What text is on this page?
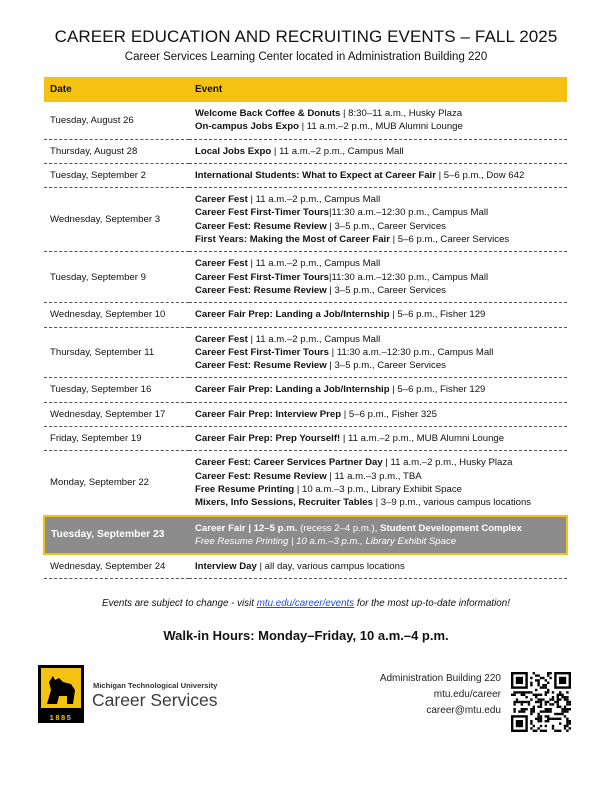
CAREER EDUCATION AND RECRUITING EVENTS – FALL 2025
Career Services Learning Center located in Administration Building 220
Date	Event
Tuesday, August 26	Welcome Back Coffee & Donuts | 8:30–11 a.m., Husky Plaza
On-campus Jobs Expo | 11 a.m.–2 p.m., MUB Alumni Lounge

Thursday, August 28	Local Jobs Expo | 11 a.m.–2 p.m., Campus Mall

Tuesday, September 2	International Students: What to Expect at Career Fair | 5–6 p.m., Dow 642

Wednesday, September 3	Career Fest | 11 a.m.–2 p.m., Campus Mall
Career Fest First-Timer Tours|11:30 a.m.–12:30 p.m., Campus Mall
Career Fest: Resume Review | 3–5 p.m., Career Services
First Years: Making the Most of Career Fair | 5–6 p.m., Career Services

Tuesday, September 9	Career Fest | 11 a.m.–2 p.m., Campus Mall
Career Fest First-Timer Tours|11:30 a.m.–12:30 p.m., Campus Mall
Career Fest: Resume Review | 3–5 p.m., Career Services

Wednesday, September 10	Career Fair Prep: Landing a Job/Internship | 5–6 p.m., Fisher 129

Thursday, September 11	Career Fest | 11 a.m.–2 p.m., Campus Mall
Career Fest First-Timer Tours | 11:30 a.m.–12:30 p.m., Campus Mall
Career Fest: Resume Review | 3–5 p.m., Career Services

Tuesday, September 16	Career Fair Prep: Landing a Job/Internship | 5–6 p.m., Fisher 129

Wednesday, September 17	Career Fair Prep: Interview Prep | 5–6 p.m., Fisher 325

Friday, September 19	Career Fair Prep: Prep Yourself! | 11 a.m.–2 p.m., MUB Alumni Lounge

Monday, September 22	Career Fest: Career Services Partner Day | 11 a.m.–2 p.m., Husky Plaza
Career Fest: Resume Review | 11 a.m.–3 p.m., TBA
Free Resume Printing | 10 a.m.–3 p.m., Library Exhibit Space
Mixers, Info Sessions, Recruiter Tables | 3–9 p.m., various campus locations

Tuesday, September 23	Career Fair | 12–5 p.m. (recess 2–4 p.m.), Student Development Complex
Free Resume Printing | 10 a.m.–3 p.m., Library Exhibit Space

Wednesday, September 24	Interview Day | all day, various campus locations
Events are subject to change - visit mtu.edu/career/events for the most up-to-date information!
Walk-in Hours: Monday–Friday, 10 a.m.–4 p.m.
1885
Michigan Technological University
Career Services
Administration Building 220
mtu.edu/career
career@mtu.edu
